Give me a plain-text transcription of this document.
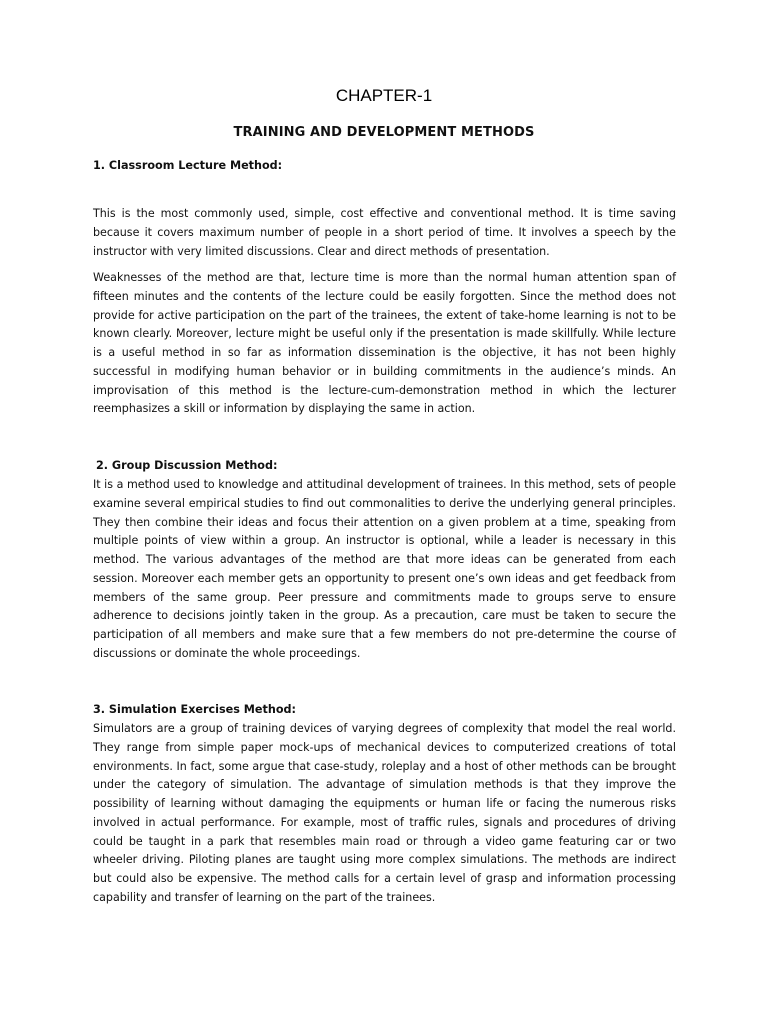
CHAPTER-1
TRAINING AND DEVELOPMENT METHODS
1. Classroom Lecture Method:
This is the most commonly used, simple, cost effective and conventional method. It is time saving because it covers maximum number of people in a short period of time. It involves a speech by the instructor with very limited discussions. Clear and direct methods of presentation.
Weaknesses of the method are that, lecture time is more than the normal human attention span of fifteen minutes and the contents of the lecture could be easily forgotten. Since the method does not provide for active participation on the part of the trainees, the extent of take-home learning is not to be known clearly. Moreover, lecture might be useful only if the presentation is made skillfully. While lecture is a useful method in so far as information dissemination is the objective, it has not been highly successful in modifying human behavior or in building commitments in the audience’s minds. An improvisation of this method is the lecture-cum-demonstration method in which the lecturer reemphasizes a skill or information by displaying the same in action.
2. Group Discussion Method:
It is a method used to knowledge and attitudinal development of trainees. In this method, sets of people examine several empirical studies to find out commonalities to derive the underlying general principles. They then combine their ideas and focus their attention on a given problem at a time, speaking from multiple points of view within a group. An instructor is optional, while a leader is necessary in this method. The various advantages of the method are that more ideas can be generated from each session. Moreover each member gets an opportunity to present one’s own ideas and get feedback from members of the same group. Peer pressure and commitments made to groups serve to ensure adherence to decisions jointly taken in the group. As a precaution, care must be taken to secure the participation of all members and make sure that a few members do not pre-determine the course of discussions or dominate the whole proceedings.
3. Simulation Exercises Method:
Simulators are a group of training devices of varying degrees of complexity that model the real world. They range from simple paper mock-ups of mechanical devices to computerized creations of total environments. In fact, some argue that case-study, roleplay and a host of other methods can be brought under the category of simulation. The advantage of simulation methods is that they improve the possibility of learning without damaging the equipments or human life or facing the numerous risks involved in actual performance. For example, most of traffic rules, signals and procedures of driving could be taught in a park that resembles main road or through a video game featuring car or two wheeler driving. Piloting planes are taught using more complex simulations. The methods are indirect but could also be expensive. The method calls for a certain level of grasp and information processing capability and transfer of learning on the part of the trainees.
